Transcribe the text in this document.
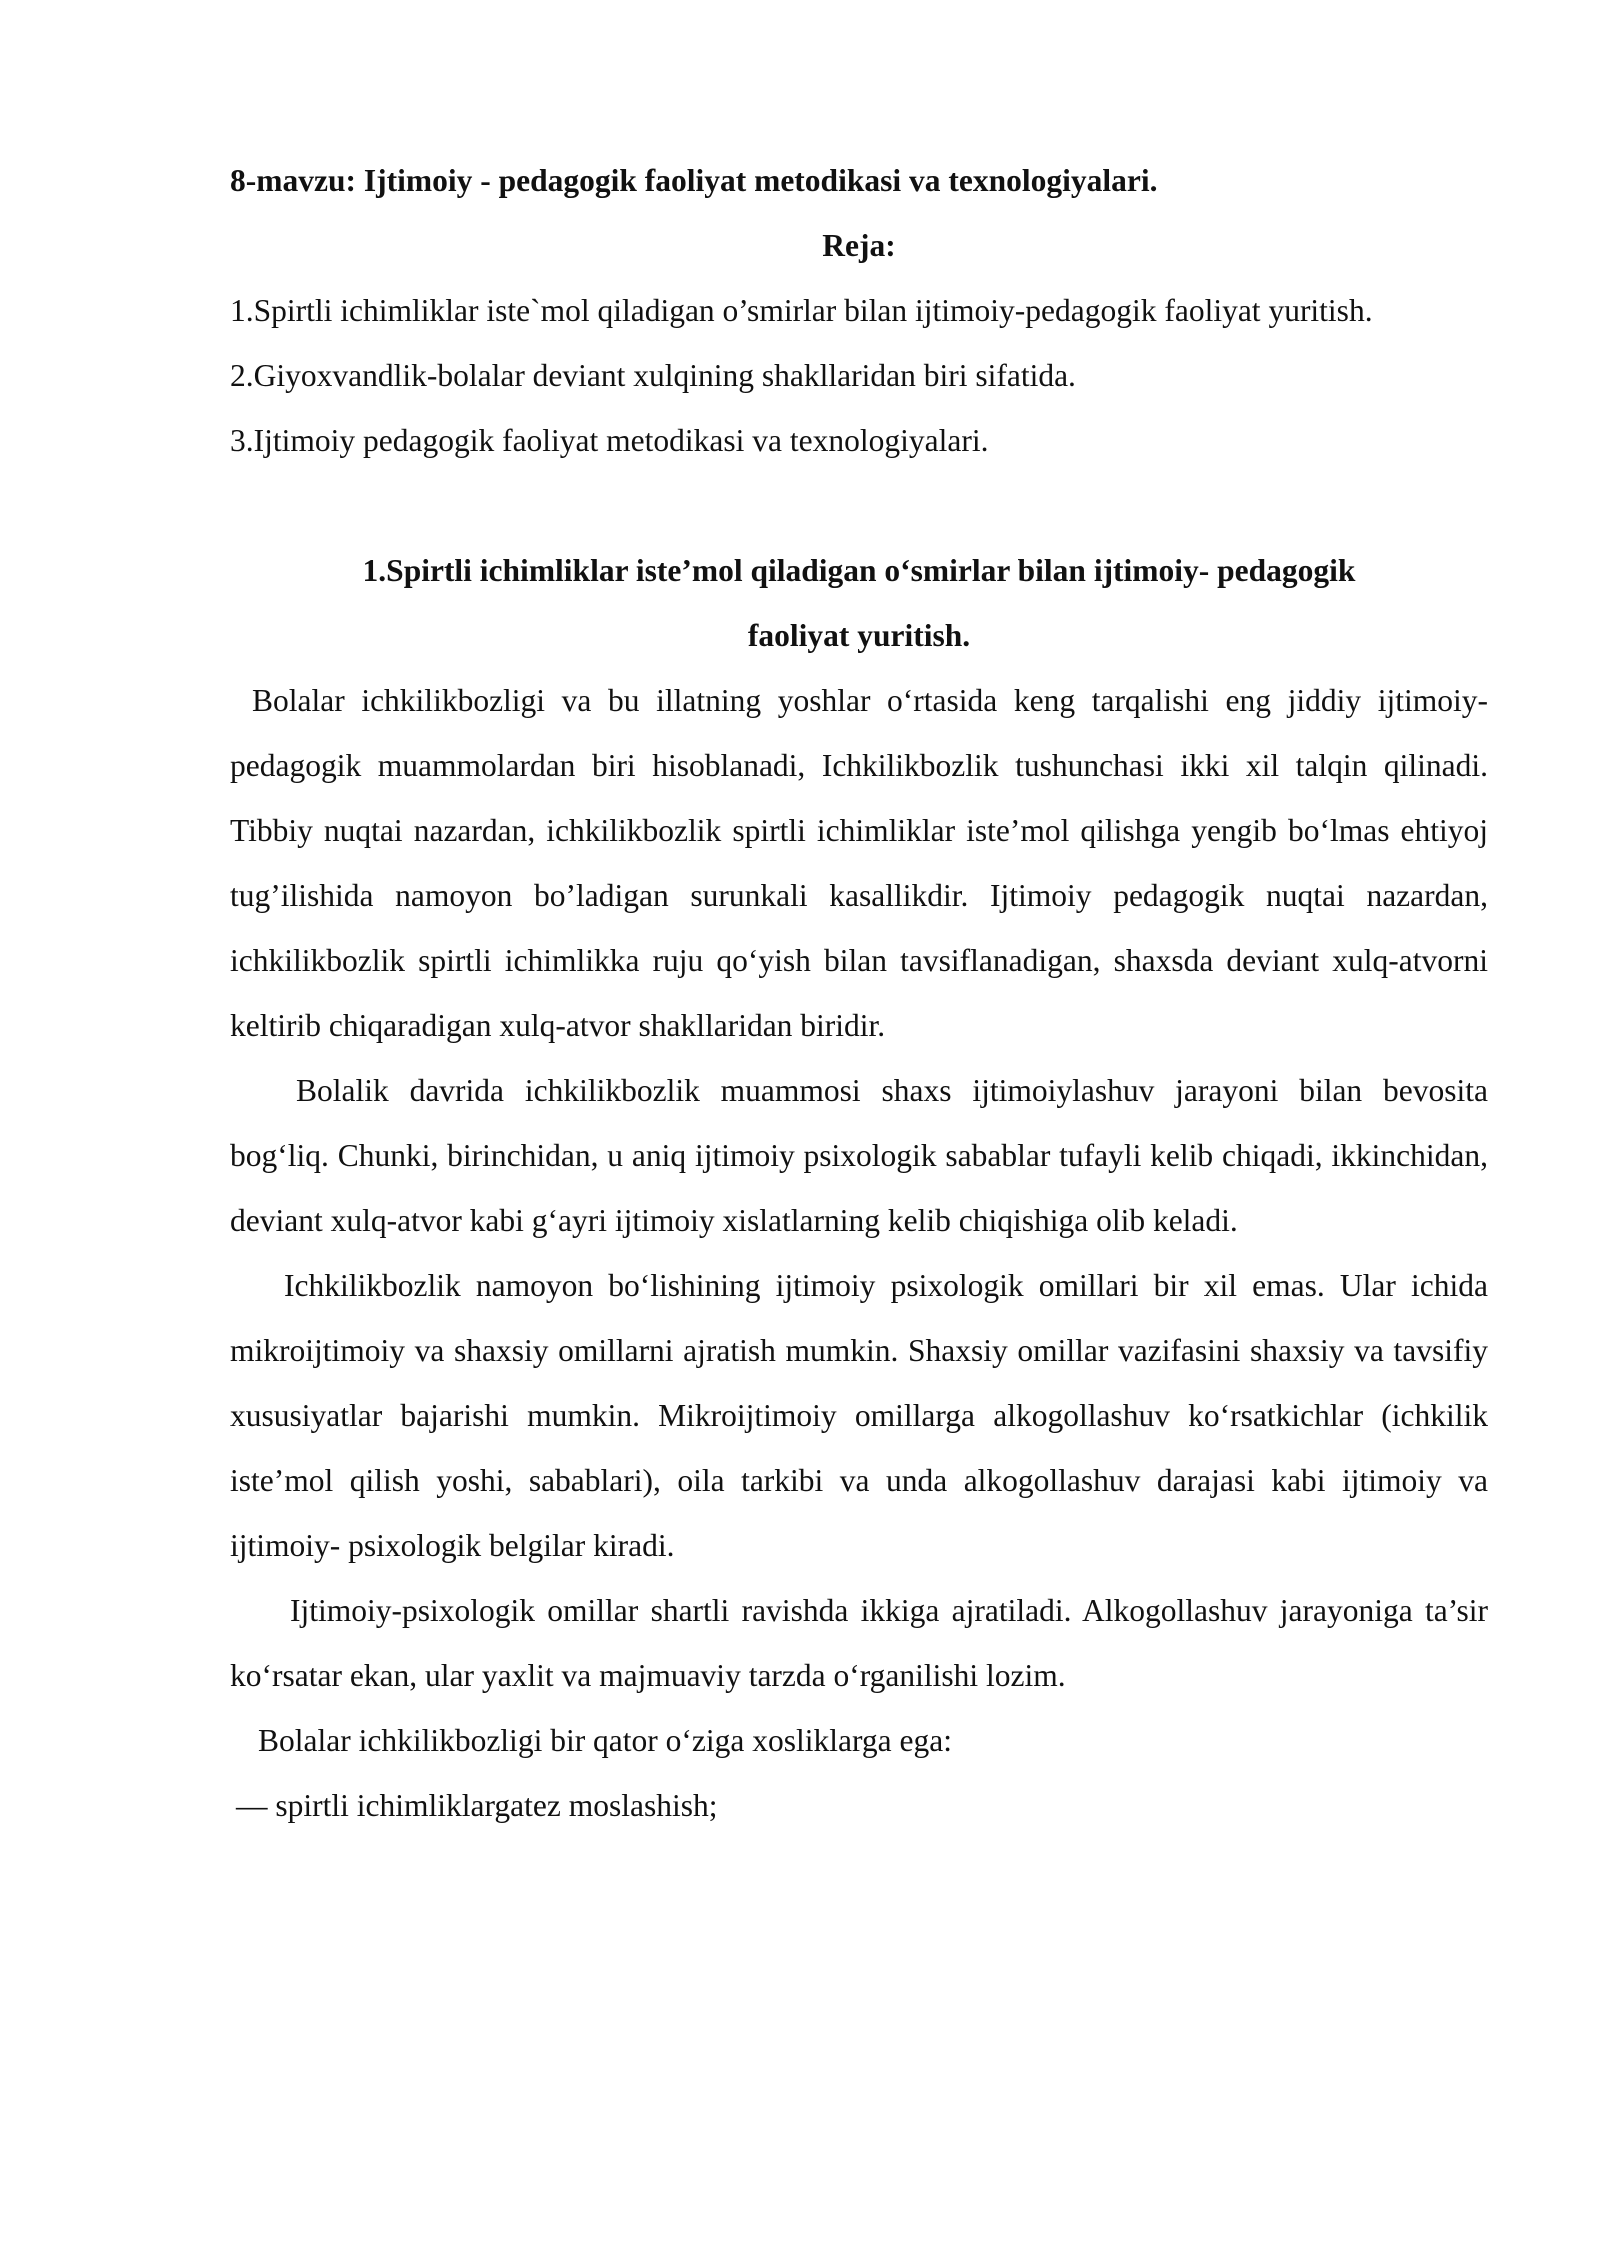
8-mavzu: Ijtimoiy - pedagogik faoliyat metodikasi va texnologiyalari.

Reja:

1.Spirtli ichimliklar iste`mol qiladigan o’smirlar bilan ijtimoiy-pedagogik faoliyat yuritish.

2.Giyoxvandlik-bolalar deviant xulqining shakllaridan biri sifatida.

3.Ijtimoiy pedagogik faoliyat metodikasi va texnologiyalari.

1.Spirtli ichimliklar iste’mol qiladigan o‘smirlar bilan ijtimoiy- pedagogik

faoliyat yuritish.

Bolalar ichkilikbozligi va bu illatning yoshlar o‘rtasida keng tarqalishi eng jiddiy ijtimoiy-pedagogik muammolardan biri hisoblanadi, Ichkilikbozlik tushunchasi ikki xil talqin qilinadi. Tibbiy nuqtai nazardan, ichkilikbozlik spirtli ichimliklar iste’mol qilishga yengib bo‘lmas ehtiyoj tug’ilishida namoyon bo’ladigan surunkali kasallikdir. Ijtimoiy pedagogik nuqtai nazardan, ichkilikbozlik spirtli ichimlikka ruju qo‘yish bilan tavsiflanadigan, shaxsda deviant xulq-atvorni keltirib chiqaradigan xulq-atvor shakllaridan biridir.

Bolalik davrida ichkilikbozlik muammosi shaxs ijtimoiylashuv jarayoni bilan bevosita bog‘liq. Chunki, birinchidan, u aniq ijtimoiy psixologik sabablar tufayli kelib chiqadi, ikkinchidan, deviant xulq-atvor kabi g‘ayri ijtimoiy xislatlarning kelib chiqishiga olib keladi.

Ichkilikbozlik namoyon bo‘lishining ijtimoiy psixologik omillari bir xil emas. Ular ichida mikroijtimoiy va shaxsiy omillarni ajratish mumkin. Shaxsiy omillar vazifasini shaxsiy va tavsifiy xususiyatlar bajarishi mumkin. Mikroijtimoiy omillarga alkogollashuv ko‘rsatkichlar (ichkilik iste’mol qilish yoshi, sabablari), oila tarkibi va unda alkogollashuv darajasi kabi ijtimoiy va ijtimoiy- psixologik belgilar kiradi.

Ijtimoiy-psixologik omillar shartli ravishda ikkiga ajratiladi. Alkogollashuv jarayoniga ta’sir ko‘rsatar ekan, ular yaxlit va majmuaviy tarzda o‘rganilishi lozim.

Bolalar ichkilikbozligi bir qator o‘ziga xosliklarga ega:

— spirtli ichimliklargatez moslashish;
